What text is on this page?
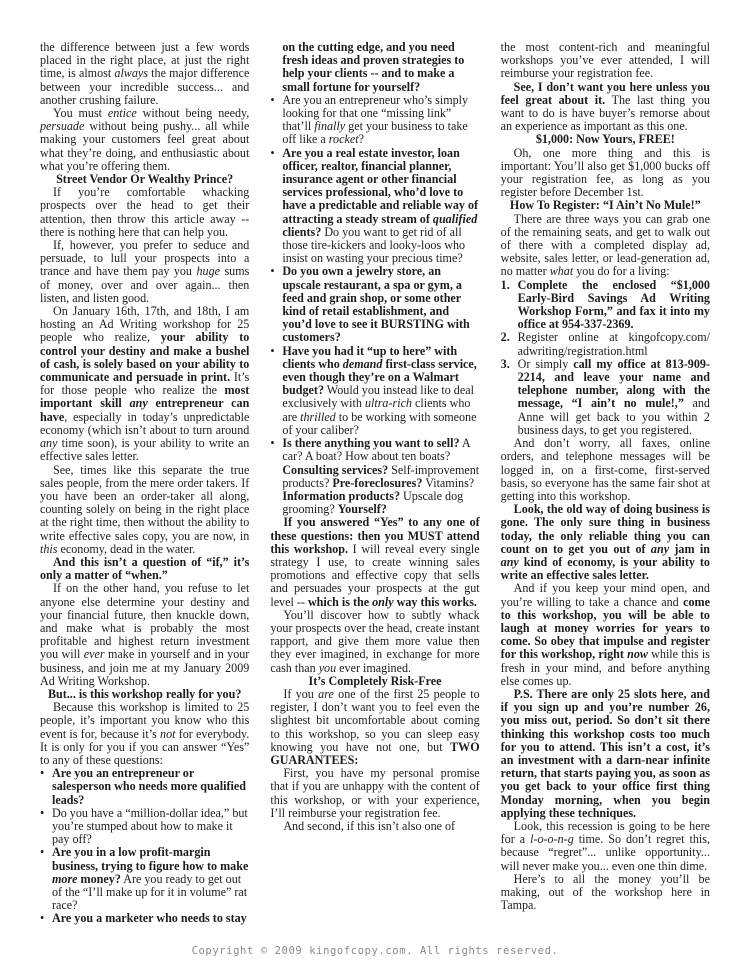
the difference between just a few words placed in the right place, at just the right time, is almost always the major difference between your incredible success... and another crushing failure.

You must entice without being needy, persuade without being pushy... all while making your customers feel great about what they’re doing, and enthusiastic about what you’re offering them.

Street Vendor Or Wealthy Prince?

If you’re comfortable whacking prospects over the head to get their attention, then throw this article away -- there is nothing here that can help you.

If, however, you prefer to seduce and persuade, to lull your prospects into a trance and have them pay you huge sums of money, over and over again... then listen, and listen good.

On January 16th, 17th, and 18th, I am hosting an Ad Writing workshop for 25 people who realize, your ability to control your destiny and make a bushel of cash, is solely based on your ability to communicate and persuade in print. It’s for those people who realize the most important skill any entrepreneur can have, especially in today’s unpredictable economy (which isn’t about to turn around any time soon), is your ability to write an effective sales letter.

See, times like this separate the true sales people, from the mere order takers. If you have been an order-taker all along, counting solely on being in the right place at the right time, then without the ability to write effective sales copy, you are now, in this economy, dead in the water.

And this isn’t a question of “if,” it’s only a matter of “when.”

If on the other hand, you refuse to let anyone else determine your destiny and your financial future, then knuckle down, and make what is probably the most profitable and highest return investment you will ever make in yourself and in your business, and join me at my January 2009 Ad Writing Workshop.

But... is this workshop really for you?

Because this workshop is limited to 25 people, it’s important you know who this event is for, because it’s not for everybody. It is only for you if you can answer “Yes” to any of these questions:

• Are you an entrepreneur or salesperson who needs more qualified leads?
• Do you have a “million-dollar idea,” but you’re stumped about how to make it pay off?
• Are you in a low profit-margin business, trying to figure how to make more money? Are you ready to get out of the “I’ll make up for it in volume” rat race?
• Are you a marketer who needs to stay

on the cutting edge, and you need fresh ideas and proven strategies to help your clients -- and to make a small fortune for yourself?

• Are you an entrepreneur who’s simply looking for that one “missing link” that’ll finally get your business to take off like a rocket?
• Are you a real estate investor, loan officer, realtor, financial planner, insurance agent or other financial services professional, who’d love to have a predictable and reliable way of attracting a steady stream of qualified clients? Do you want to get rid of all those tire-kickers and looky-loos who insist on wasting your precious time?
• Do you own a jewelry store, an upscale restaurant, a spa or gym, a feed and grain shop, or some other kind of retail establishment, and you’d love to see it BURSTING with customers?
• Have you had it “up to here” with clients who demand first-class service, even though they’re on a Walmart budget? Would you instead like to deal exclusively with ultra-rich clients who are thrilled to be working with someone of your caliber?
• Is there anything you want to sell? A car? A boat? How about ten boats? Consulting services? Self-improvement products? Pre-foreclosures? Vitamins? Information products? Upscale dog grooming? Yourself?

If you answered “Yes” to any one of these questions: then you MUST attend this workshop. I will reveal every single strategy I use, to create winning sales promotions and effective copy that sells and persuades your prospects at the gut level -- which is the only way this works.

You’ll discover how to subtly whack your prospects over the head, create instant rapport, and give them more value then they ever imagined, in exchange for more cash than you ever imagined.

It’s Completely Risk-Free

If you are one of the first 25 people to register, I don’t want you to feel even the slightest bit uncomfortable about coming to this workshop, so you can sleep easy knowing you have not one, but TWO GUARANTEES:

First, you have my personal promise that if you are unhappy with the content of this workshop, or with your experience, I’ll reimburse your registration fee.

And second, if this isn’t also one of

the most content-rich and meaningful workshops you’ve ever attended, I will reimburse your registration fee.

See, I don’t want you here unless you feel great about it. The last thing you want to do is have buyer’s remorse about an experience as important as this one.

$1,000: Now Yours, FREE!

Oh, one more thing and this is important: You’ll also get $1,000 bucks off your registration fee, as long as you register before December 1st.

How To Register: “I Ain’t No Mule!”

There are three ways you can grab one of the remaining seats, and get to walk out of there with a completed display ad, website, sales letter, or lead-generation ad, no matter what you do for a living:

1. Complete the enclosed “$1,000 Early-Bird Savings Ad Writing Workshop Form,” and fax it into my office at 954-337-2369.
2. Register online at kingofcopy.com/ adwriting/registration.html
3. Or simply call my office at 813-909-2214, and leave your name and telephone number, along with the message, “I ain’t no mule!,” and Anne will get back to you within 2 business days, to get you registered.

And don’t worry, all faxes, online orders, and telephone messages will be logged in, on a first-come, first-served basis, so everyone has the same fair shot at getting into this workshop.

Look, the old way of doing business is gone. The only sure thing in business today, the only reliable thing you can count on to get you out of any jam in any kind of economy, is your ability to write an effective sales letter.

And if you keep your mind open, and you’re willing to take a chance and come to this workshop, you will be able to laugh at money worries for years to come. So obey that impulse and register for this workshop, right now while this is fresh in your mind, and before anything else comes up.

P.S. There are only 25 slots here, and if you sign up and you’re number 26, you miss out, period. So don’t sit there thinking this workshop costs too much for you to attend. This isn’t a cost, it’s an investment with a darn-near infinite return, that starts paying you, as soon as you get back to your office first thing Monday morning, when you begin applying these techniques.

Look, this recession is going to be here for a l-o-o-n-g time. So don’t regret this, because “regret”... unlike opportunity... will never make you... even one thin dime.

Here’s to all the money you’ll be making, out of the workshop here in Tampa.

Copyright © 2009 kingofcopy.com. All rights reserved.
